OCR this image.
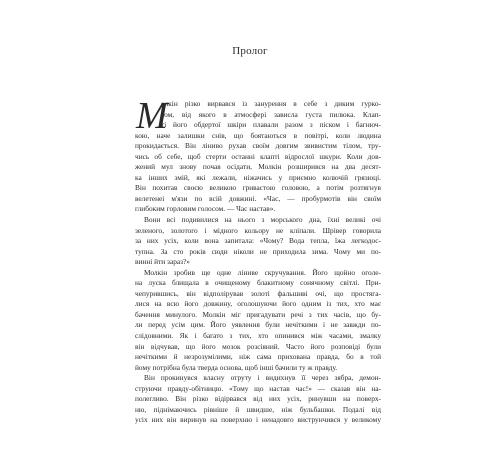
Пролог
М
олкін різко вирвався із занурення в себе з диким гурко-
том, від якого в атмосфері зависла густа пилюка. Клап-
ті його обдертої шкіри плавали разом з піском і багнюч-
кою, наче залишки снів, що боятаються в повітрі, коли людина
прокидається. Він лінивo рухав своїм довгим звивистим тілом, тру-
чись об себе, щоб стерти останні клапті відрослої шкури. Коли дов-
жений мул знову почав осідати, Молкін розширився на два десят-
ка інших змій, які лежали, ніжачись у приємно колючій грязюці.
Він похитав своєю великою гривастою головою, а потім розтягнув
велетенеі м'язи по всій довжині. «Час, — пробурмотів він своїм
глибоким горловим голосом. — Час настав».
Вони всі подивилися на нього з морського дна, їхні великі очі
зеленого, золотого і мідного кольору не кліпали. Шрівер говорила
за них усіх, коли вона запитала: «Чому? Вода тепла, їжа легкодос-
тупна. За сто років сюди ніколи не приходила зима. Чому ми по-
винні йти зараз?»
Молкін зробив ще одне лінивe скручування. Його щойно оголе-
на луска блищала в очищеному блакитному сонячному світлі. При-
чепурившись, він відполірував золоті фальшиві очі, що простяга-
лися на всю його довжину, оголошуючи його одним із тих, хто має
бачення минулого. Молкін міг пригадувати речі з тих часів, що бу-
ли перед усім цим. Його уявлення були нечіткими і не завжди по-
слідовними. Як і багато з тих, хто опинився між часами, змалку
він відчував, що його мозок розсіяний. Часто його розповіді були
нечіткими й незрозумілими, ніж сама прихована правда, бо в той
йому потрібна була тверда основа, щоб інші бачили ту ж правду.
Він прокинувся власну отруту і видихнув її через зябра, демон-
струючи правду-обітницю. «Тому що настав час!» — сказав він на-
полегливо. Він різко відірвався від них усіх, ринувши на поверх-
ню, піднімаючись рівніше й швидше, ніж бульбашки. Подалі від
усіх них він виринув на поверхню і ненадовго виструнчився у великому
